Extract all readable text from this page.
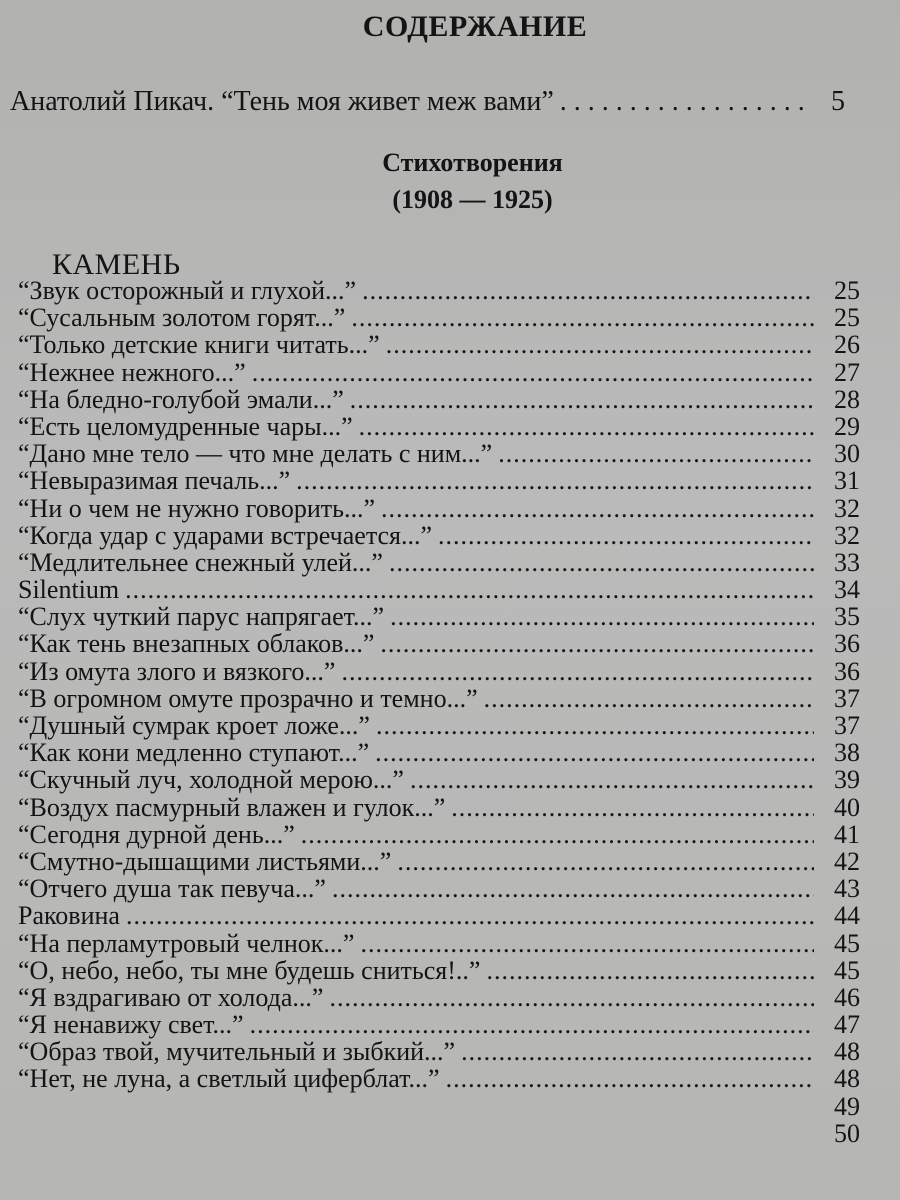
СОДЕРЖАНИЕ
Анатолий Пикач. “Тень моя живет меж вами” . . .	5
Стихотворения
(1908 — 1925)
КАМЕНЬ
“Звук осторожный и глухой...” .....	25
“Сусальным золотом горят...” .....	25
“Только детские книги читать...” .....	26
“Нежнее нежного...” .....	27
“На бледно-голубой эмали...” .....	28
“Есть целомудренные чары...” .....	29
“Дано мне тело — что мне делать с ним...” .....	30
“Невыразимая печаль...” .....	31
“Ни о чем не нужно говорить...” .....	32
“Когда удар с ударами встречается...” .....	32
“Медлительнее снежный улей...” .....	33
Silentium .....	34
“Слух чуткий парус напрягает...” .....	35
“Как тень внезапных облаков...” .....	36
“Из омута злого и вязкого...” .....	36
“В огромном омуте прозрачно и темно...” .....	37
“Душный сумрак кроет ложе...” .....	37
“Как кони медленно ступают...” .....	38
“Скучный луч, холодной мерою...” .....	39
“Воздух пасмурный влажен и гулок...” .....	40
“Сегодня дурной день...” .....	41
“Смутно-дышащими листьями...” .....	42
“Отчего душа так певуча...” .....	43
Раковина .....	44
“На перламутровый челнок...” .....	45
“О, небо, небо, ты мне будешь сниться!..” .....	45
“Я вздрагиваю от холода...” .....	46
“Я ненавижу свет...” .....	47
“Образ твой, мучительный и зыбкий...” .....	48
“Нет, не луна, а светлый циферблат...” .....	48
49
50
